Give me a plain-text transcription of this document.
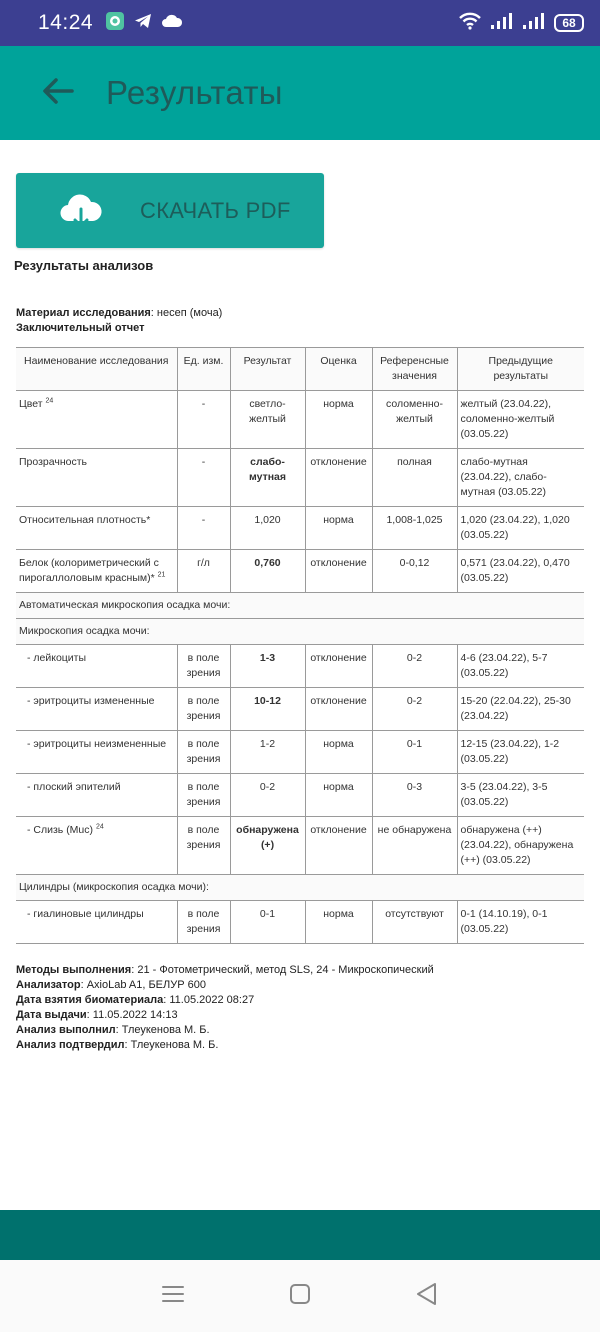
14:24	68
Результаты
СКАЧАТЬ PDF
Результаты анализов
Материал исследования: несеп (моча)
Заключительный отчет
Наименование исследования	Ед. изм.	Результат	Оценка	Референсные значения	Предыдущие результаты
Цвет $^{24}$	-	светло-желтый	норма	соломенно-желтый	желтый (23.04.22), соломенно-желтый (03.05.22)
Прозрачность	-	слабо-мутная	отклонение	полная	слабо-мутная (23.04.22), слабо-мутная (03.05.22)
Относительная плотность*	-	1,020	норма	1,008-1,025	1,020 (23.04.22), 1,020 (03.05.22)
Белок (колориметрический с пирогаллоловым красным)* $^{21}$	г/л	0,760	отклонение	0-0,12	0,571 (23.04.22), 0,470 (03.05.22)
Автоматическая микроскопия осадка мочи:					
Микроскопия осадка мочи:					
- лейкоциты	в поле зрения	1-3	отклонение	0-2	4-6 (23.04.22), 5-7 (03.05.22)
- эритроциты измененные	в поле зрения	10-12	отклонение	0-2	15-20 (22.04.22), 25-30 (23.04.22)
- эритроциты неизмененные	в поле зрения	1-2	норма	0-1	12-15 (23.04.22), 1-2 (03.05.22)
- плоский эпителий	в поле зрения	0-2	норма	0-3	3-5 (23.04.22), 3-5 (03.05.22)
- Слизь (Muc) $^{24}$	в поле зрения	обнаружена (+)	отклонение	не обнаружена	обнаружена (++) (23.04.22), обнаружена (++) (03.05.22)
Цилиндры (микроскопия осадка мочи):					
- гиалиновые цилиндры	в поле зрения	0-1	норма	отсутствуют	0-1 (14.10.19), 0-1 (03.05.22)
Методы выполнения: 21 - Фотометрический, метод SLS, 24 - Микроскопический
Анализатор: AxioLab A1, БЕЛУР 600
Дата взятия биоматериала: 11.05.2022 08:27
Дата выдачи: 11.05.2022 14:13
Анализ выполнил: Тлеукенова М. Б.
Анализ подтвердил: Тлеукенова М. Б.
